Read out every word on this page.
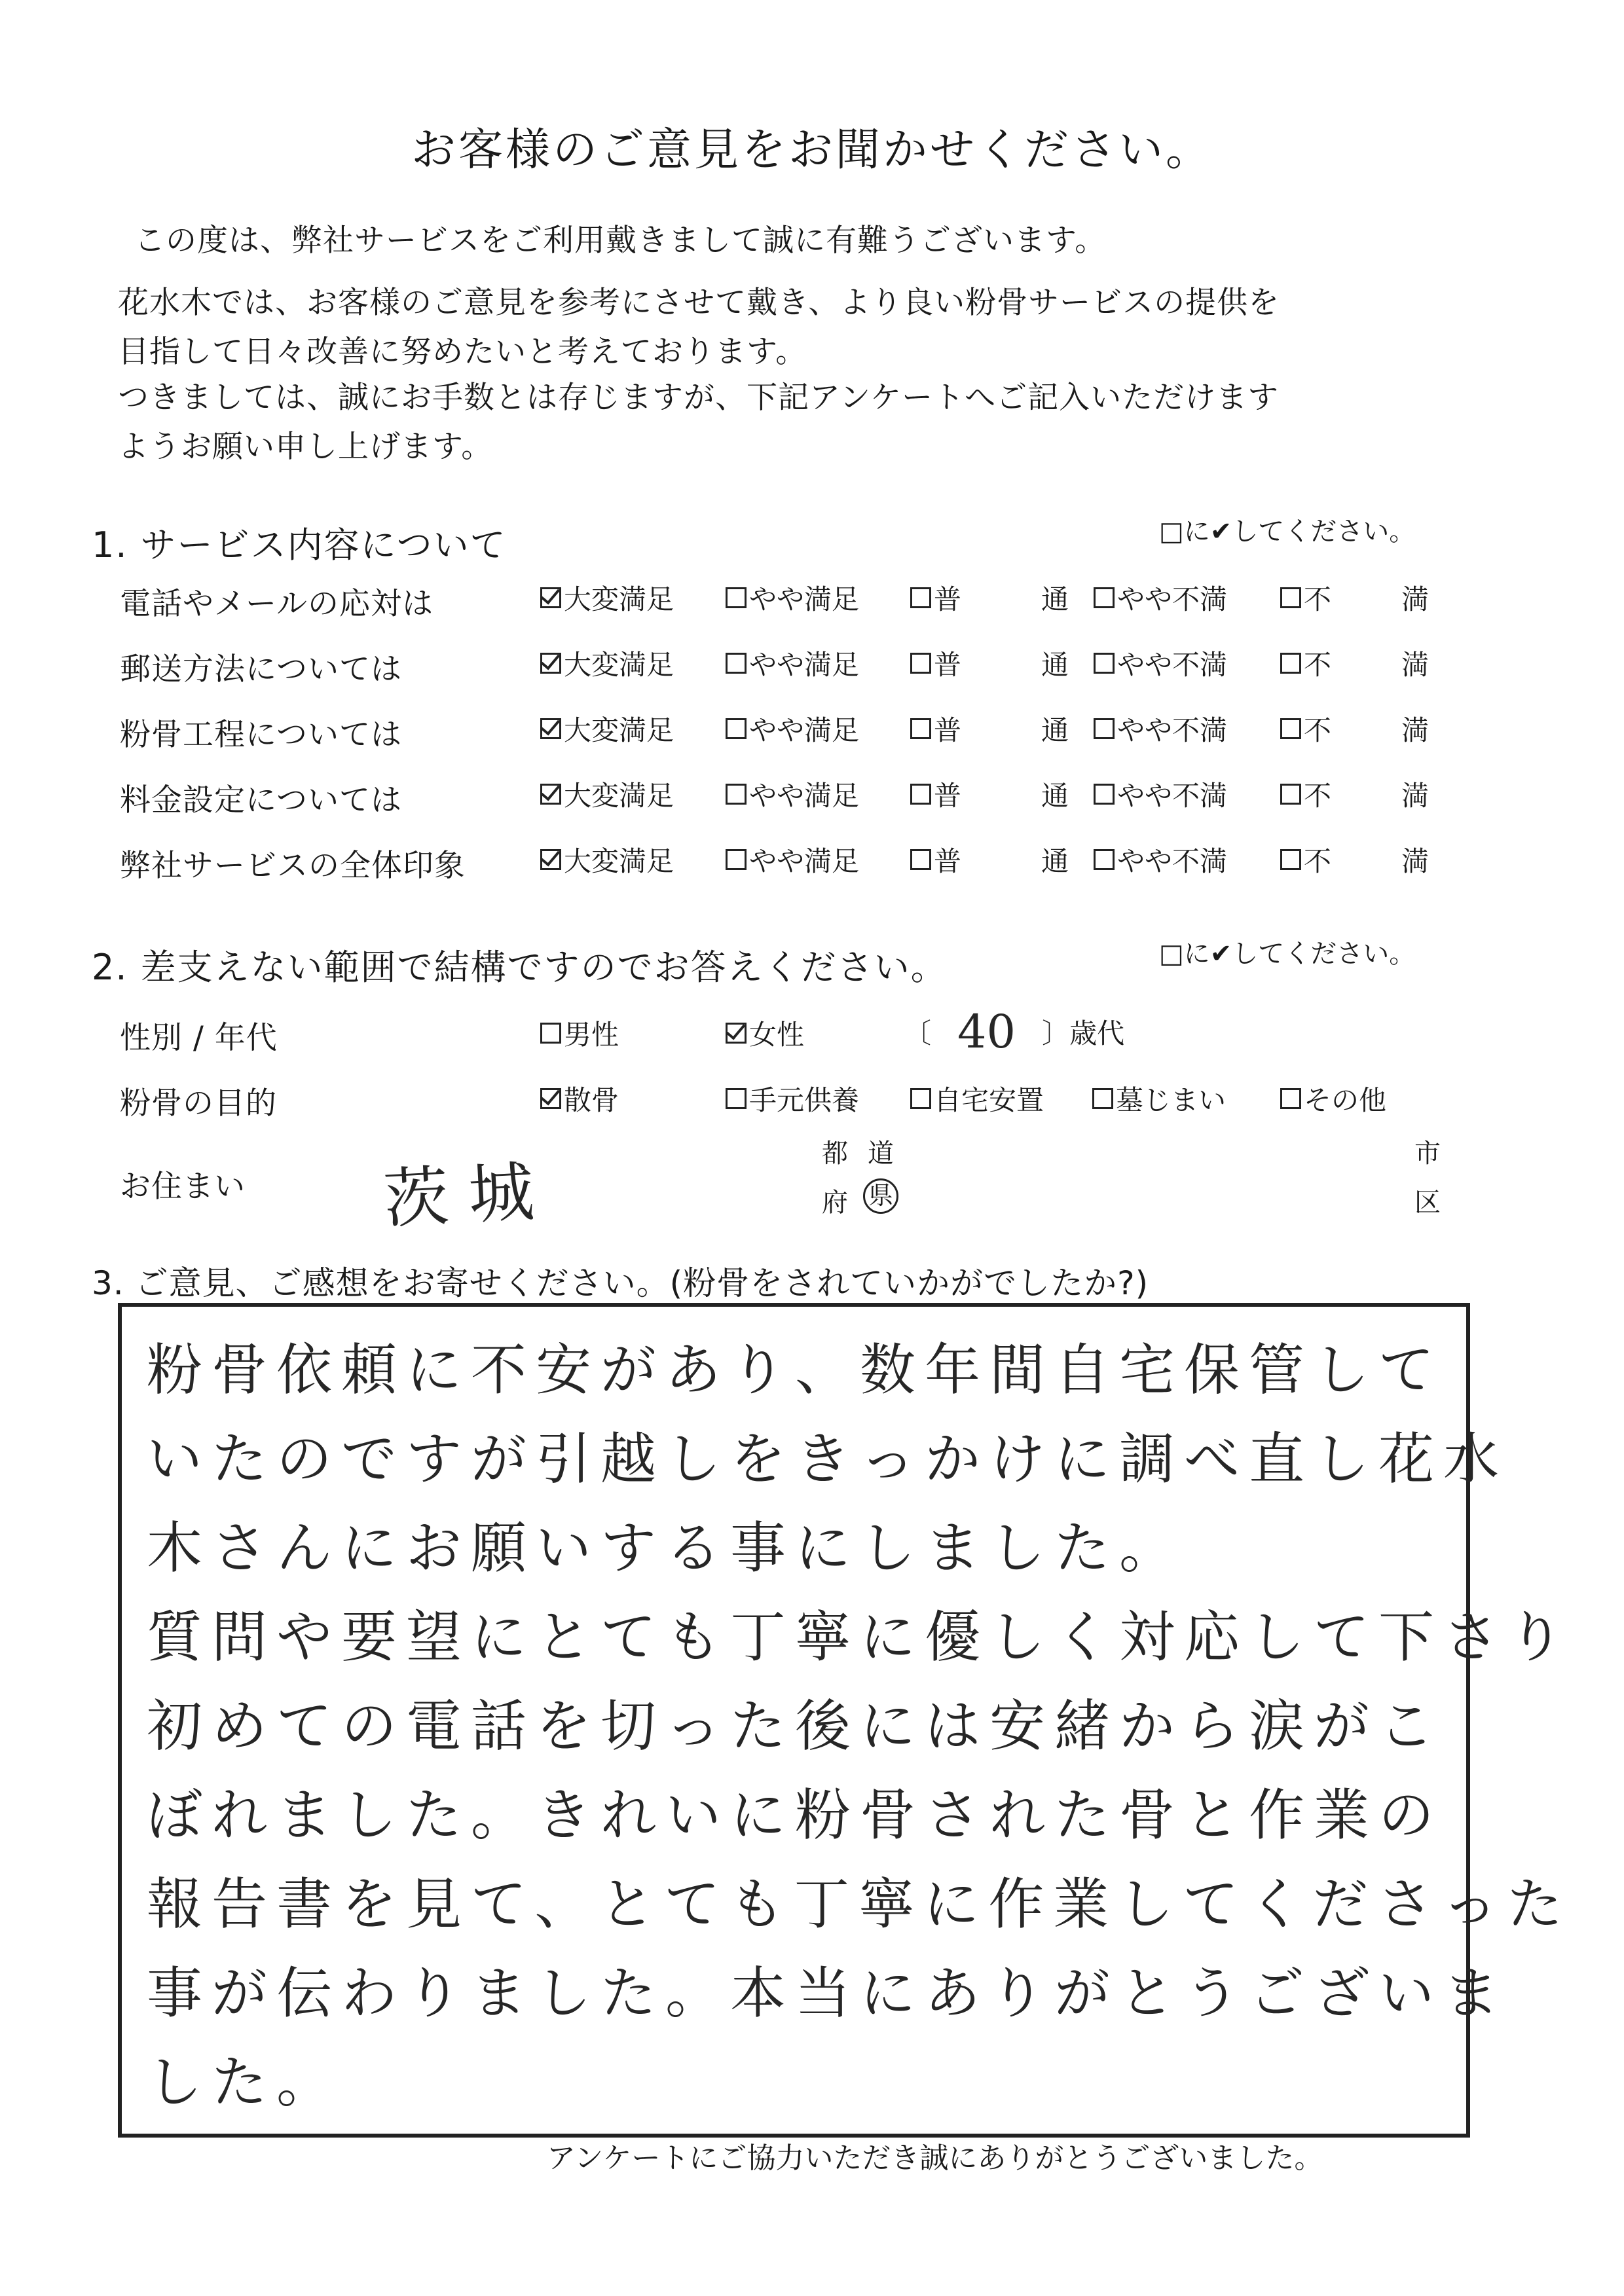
お客様のご意見をお聞かせください。
この度は、弊社サービスをご利用戴きまして誠に有難うございます。
花水木では、お客様のご意見を参考にさせて戴き、より良い粉骨サービスの提供を
目指して日々改善に努めたいと考えております。
つきましては、誠にお手数とは存じますが、下記アンケートへご記入いただけます
ようお願い申し上げます。
1. サービス内容について	□に✔してください。
電話やメールの応対は	大変満足	やや満足	普	通 やや不満	不	満
郵送方法については	大変満足	やや満足	普	通 やや不満	不	満
粉骨工程については	大変満足	やや満足	普	通 やや不満	不	満
料金設定については	大変満足	やや満足	普	通 やや不満	不	満
弊社サービスの全体印象	大変満足	やや満足	普	通 やや不満	不	満
2. 差支えない範囲で結構ですのでお答えください。	□に✔してください。
性別 / 年代	男性	女性	〔 40 〕歳代
粉骨の目的	散骨	手元供養	自宅安置	墓じまい	その他
お住まい 茨城	都 道
府 県
市
区
3. ご意見、ご感想をお寄せください。(粉骨をされていかがでしたか?)
粉骨依頼に不安があり、数年間自宅保管して
いたのですが引越しをきっかけに調べ直し花水
木さんにお願いする事にしました。
質問や要望にとても丁寧に優しく対応して下さり
初めての電話を切った後には安緒から涙がこ
ぼれました。きれいに粉骨された骨と作業の
報告書を見て、とても丁寧に作業してくださった
事が伝わりました。本当にありがとうございま
した。
アンケートにご協力いただき誠にありがとうございました。
